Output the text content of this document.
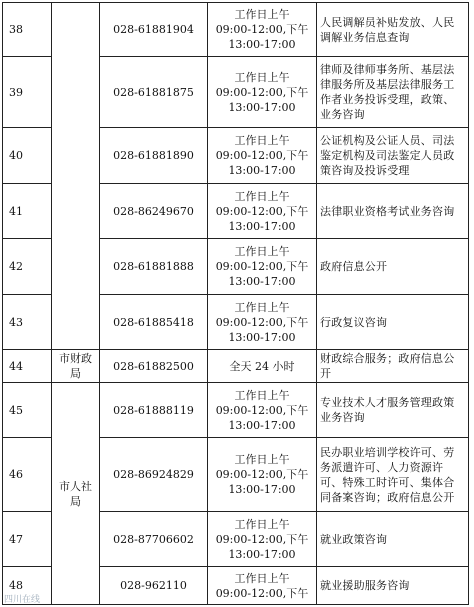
38		028-61881904	工作日上午
09:00-12:00,下午
13:00-17:00	人民调解员补贴发放、人民调解业务信息查询
39		028-61881875	工作日上午
09:00-12:00,下午
13:00-17:00	律师及律师事务所、基层法律服务所及基层法律服务工作者业务投诉受理，政策、业务咨询
40		028-61881890	工作日上午
09:00-12:00,下午
13:00-17:00	公证机构及公证人员、司法鉴定机构及司法鉴定人员政策咨询及投诉受理
41		028-86249670	工作日上午
09:00-12:00,下午
13:00-17:00	法律职业资格考试业务咨询
42		028-61881888	工作日上午
09:00-12:00,下午
13:00-17:00	政府信息公开
43		028-61885418	工作日上午
09:00-12:00,下午
13:00-17:00	行政复议咨询
44	市财政局	028-61882500	全天 24 小时	财政综合服务；政府信息公开
45	市人社局	028-61888119	工作日上午
09:00-12:00,下午
13:00-17:00	专业技术人才服务管理政策业务咨询
46		028-86924829	工作日上午
09:00-12:00,下午
13:00-17:00	民办职业培训学校许可、劳务派遣许可、人力资源许可、特殊工时许可、集体合同备案咨询；政府信息公开
47		028-87706602	工作日上午
09:00-12:00,下午
13:00-17:00	就业政策咨询
48		028-962110	工作日上午
09:00-12:00,下午	就业援助服务咨询
四川在线
